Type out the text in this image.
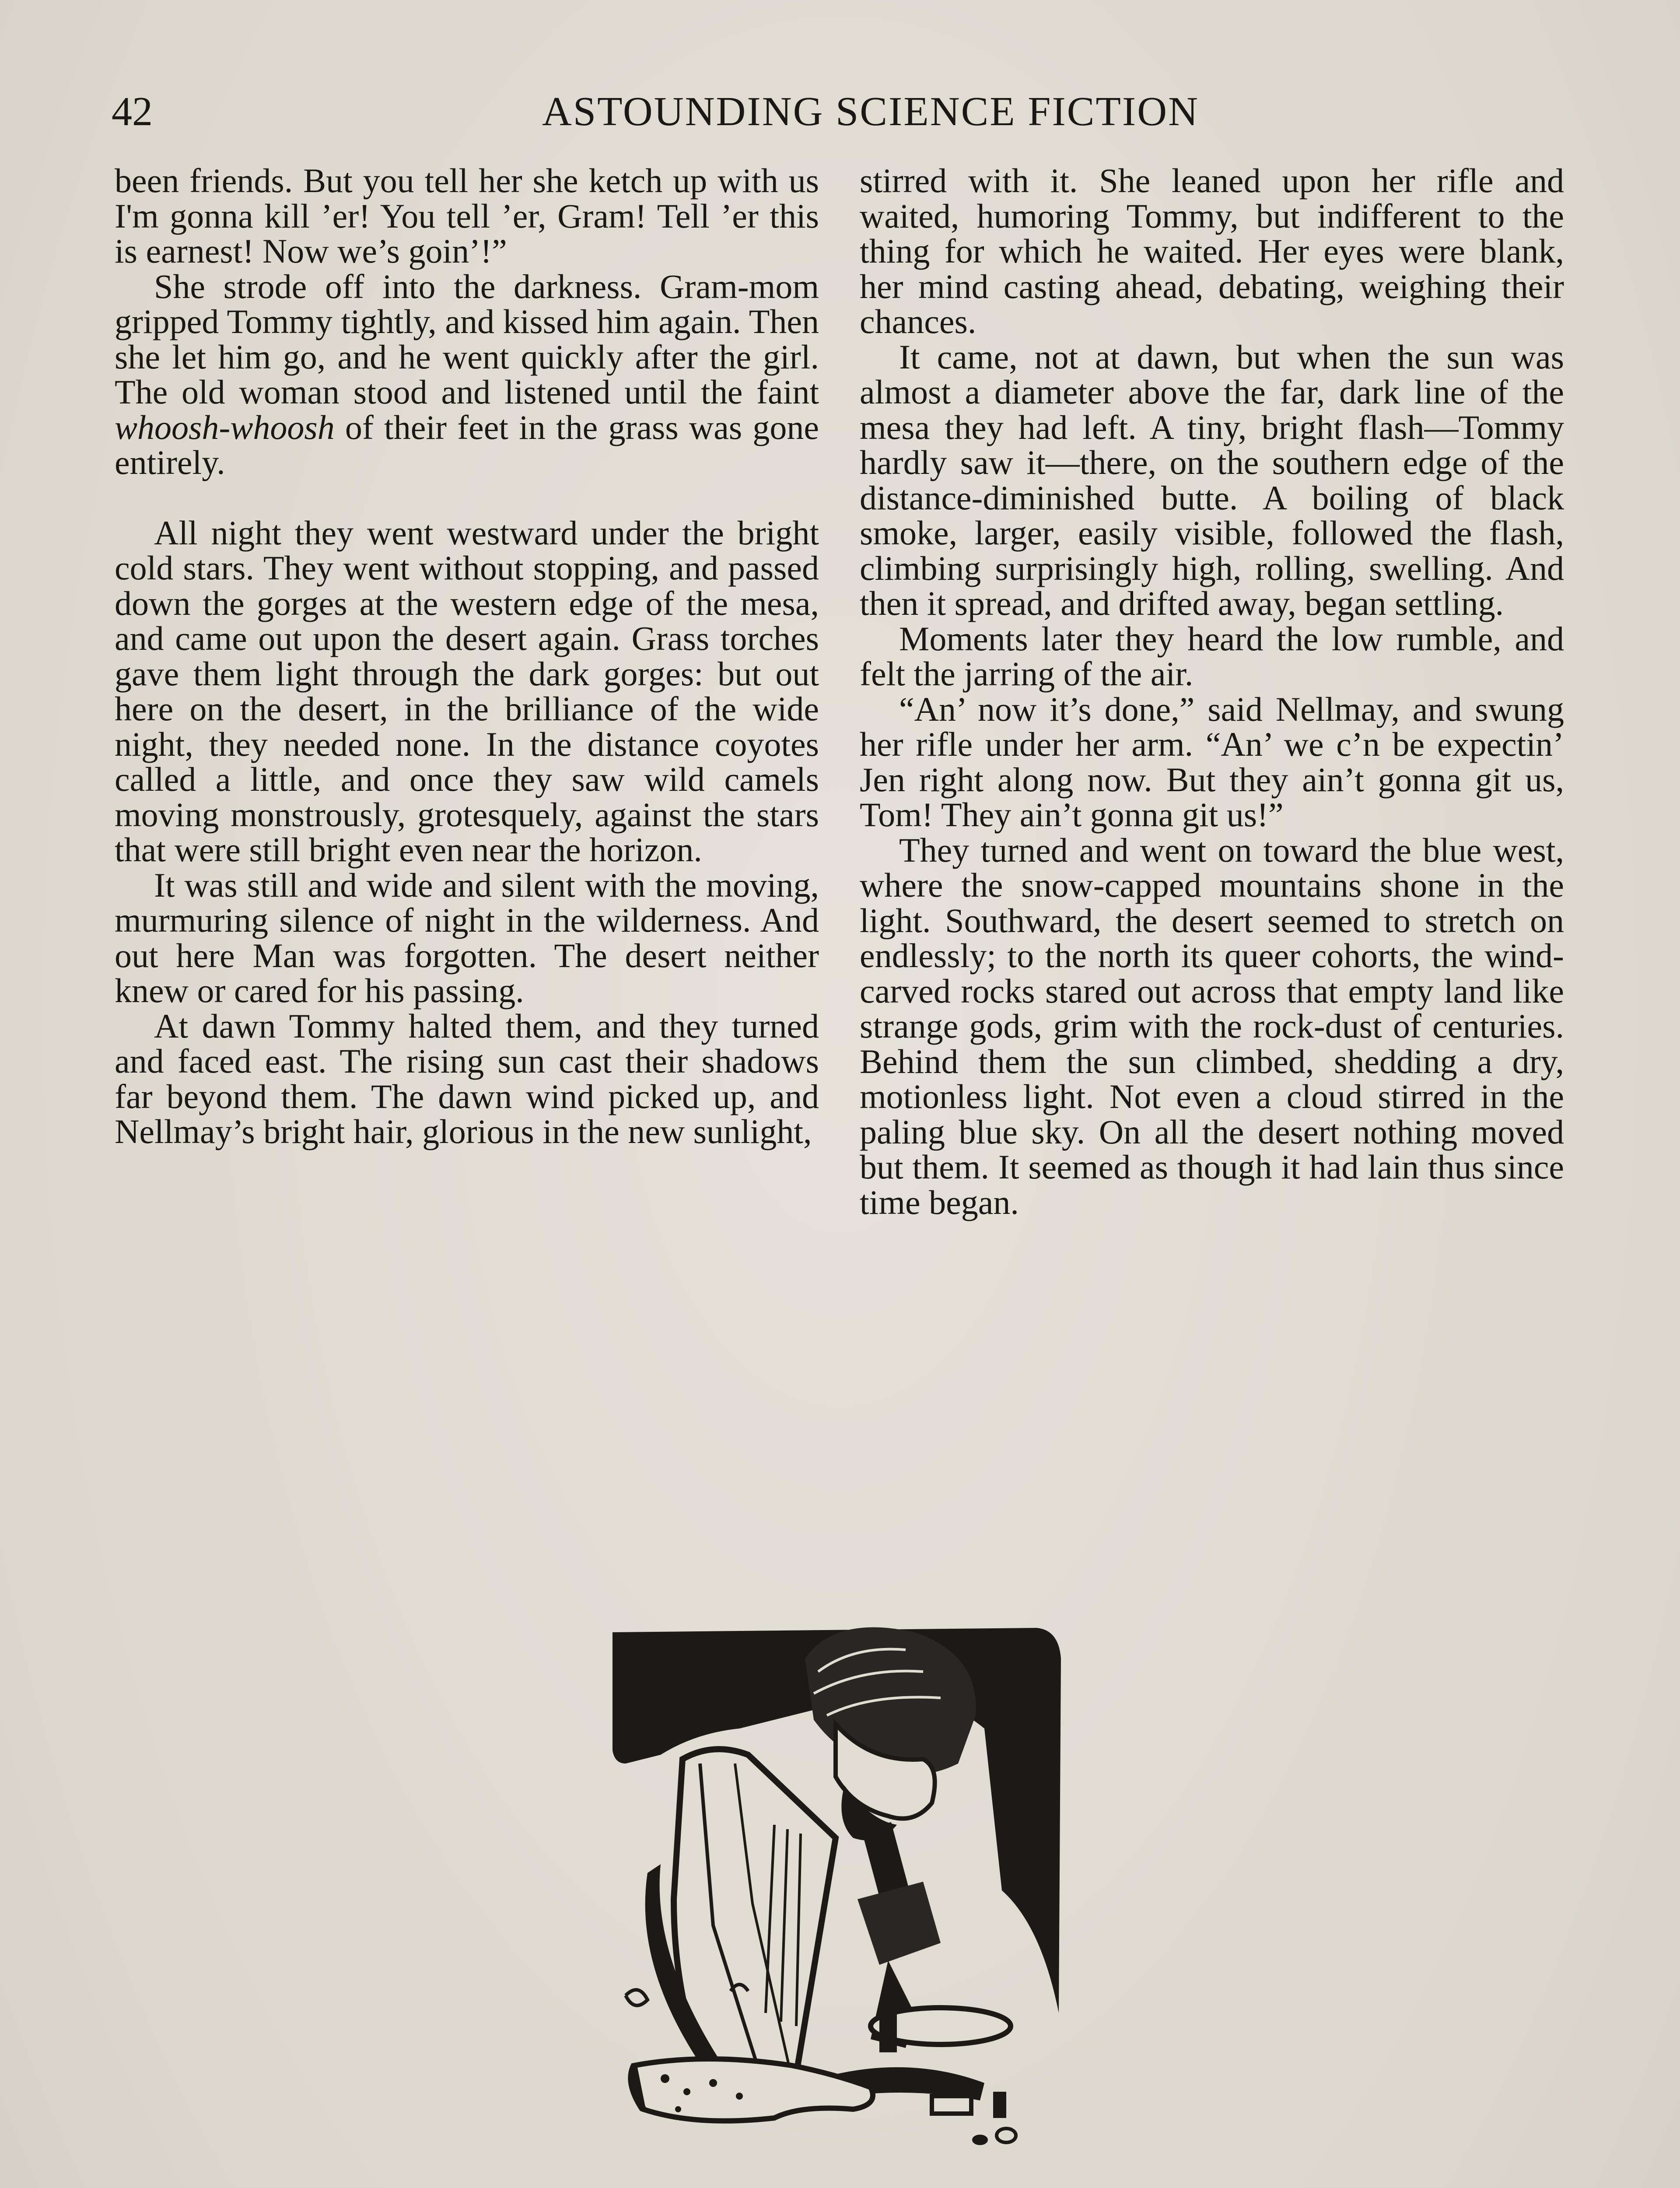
42	ASTOUNDING SCIENCE FICTION

been friends. But you tell her she ketch up with us I'm gonna kill ’er! You tell ’er, Gram! Tell ’er this is earnest! Now we’s goin’!”

She strode off into the darkness. Gram-mom gripped Tommy tightly, and kissed him again. Then she let him go, and he went quickly after the girl. The old woman stood and listened until the faint whoosh-whoosh of their feet in the grass was gone entirely.

All night they went westward under the bright cold stars. They went without stopping, and passed down the gorges at the western edge of the mesa, and came out upon the desert again. Grass torches gave them light through the dark gorges: but out here on the desert, in the brilliance of the wide night, they needed none. In the distance coyotes called a little, and once they saw wild camels moving monstrously, grotesquely, against the stars that were still bright even near the horizon.

It was still and wide and silent with the moving, murmuring silence of night in the wilderness. And out here Man was forgotten. The desert neither knew or cared for his passing.

At dawn Tommy halted them, and they turned and faced east. The rising sun cast their shadows far beyond them. The dawn wind picked up, and Nellmay’s bright hair, glorious in the new sunlight,

stirred with it. She leaned upon her rifle and waited, humoring Tommy, but indifferent to the thing for which he waited. Her eyes were blank, her mind casting ahead, debating, weighing their chances.

It came, not at dawn, but when the sun was almost a diameter above the far, dark line of the mesa they had left. A tiny, bright flash—Tommy hardly saw it—there, on the southern edge of the distance-diminished butte. A boiling of black smoke, larger, easily visible, followed the flash, climbing surprisingly high, rolling, swelling. And then it spread, and drifted away, began settling.

Moments later they heard the low rumble, and felt the jarring of the air.

“An’ now it’s done,” said Nellmay, and swung her rifle under her arm. “An’ we c’n be expectin’ Jen right along now. But they ain’t gonna git us, Tom! They ain’t gonna git us!”

They turned and went on toward the blue west, where the snow-capped mountains shone in the light. Southward, the desert seemed to stretch on endlessly; to the north its queer cohorts, the wind-carved rocks stared out across that empty land like strange gods, grim with the rock-dust of centuries. Behind them the sun climbed, shedding a dry, motionless light. Not even a cloud stirred in the paling blue sky. On all the desert nothing moved but them. It seemed as though it had lain thus since time began.
